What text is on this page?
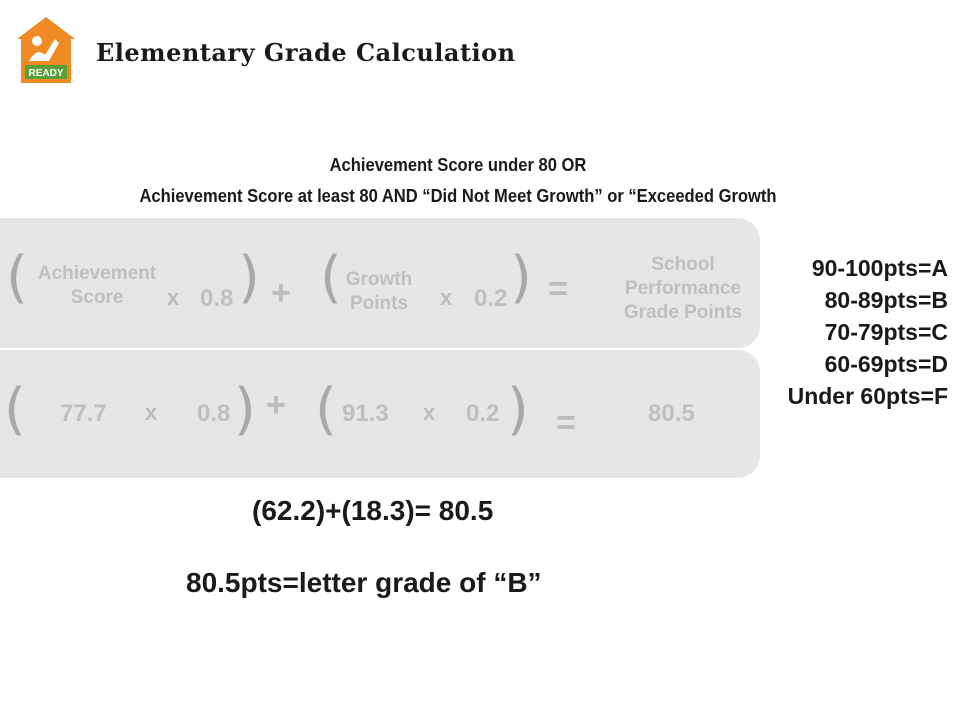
READY
Elementary Grade Calculation
Achievement Score under 80 OR
Achievement Score at least 80 AND “Did Not Meet Growth” or “Exceeded Growth
( Achievement
Score	x 0.8 ) + ( Growth
Points	x 0.2 ) =
School
Performance
Grade Points
( 77.7 x 0.8 ) + ( 91.3 x 0.2 ) =	80.5
90-100pts=A
80-89pts=B
70-79pts=C
60-69pts=D
Under 60pts=F
(62.2)+(18.3)= 80.5
80.5pts=letter grade of “B”
